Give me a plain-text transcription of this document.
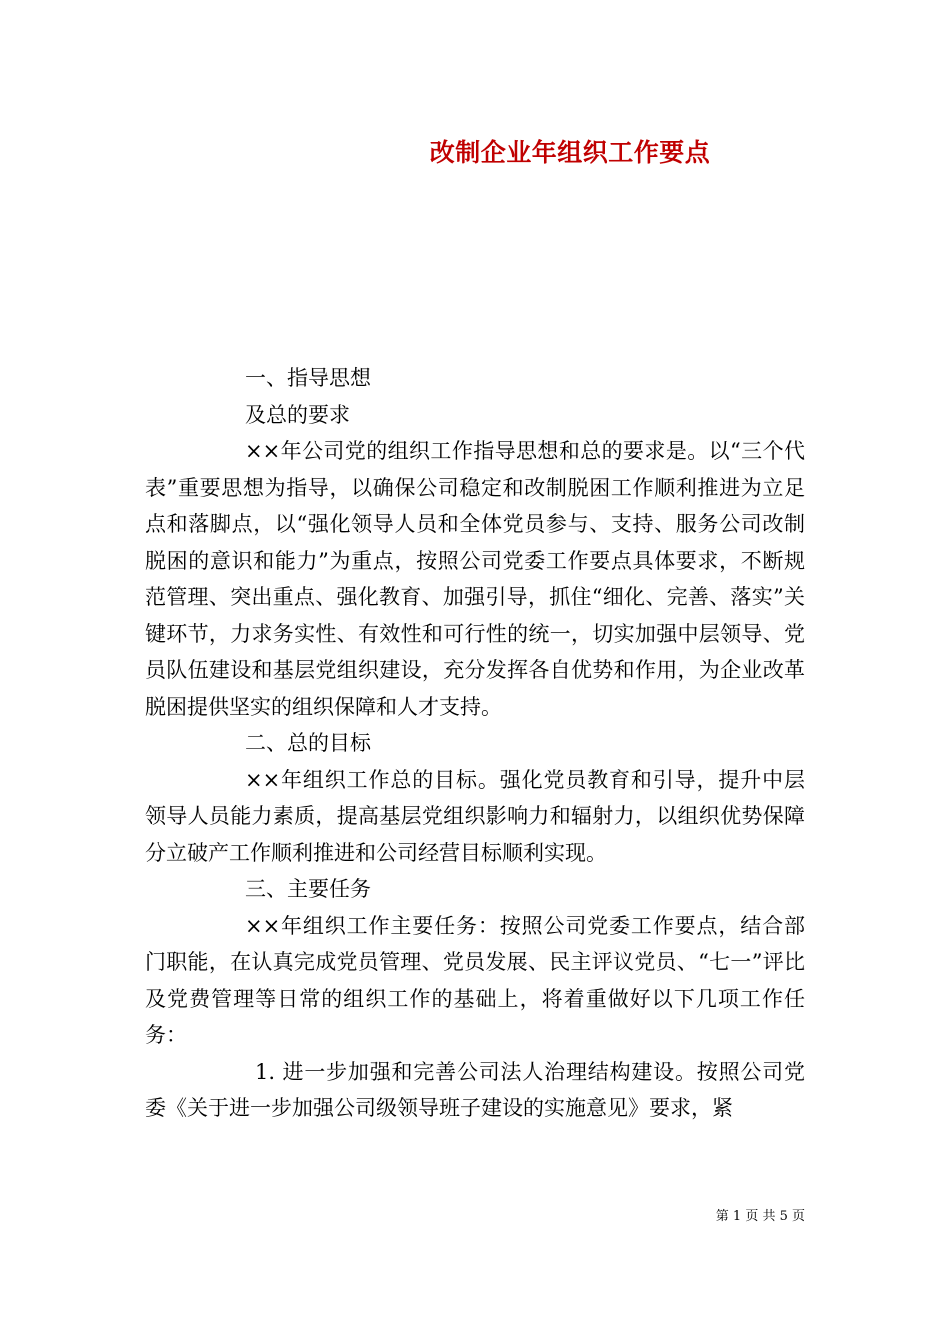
改制企业年组织工作要点

一、指导思想

及总的要求

××年公司党的组织工作指导思想和总的要求是。以“三个代表”重要思想为指导，以确保公司稳定和改制脱困工作顺利推进为立足点和落脚点，以“强化领导人员和全体党员参与、支持、服务公司改制脱困的意识和能力”为重点，按照公司党委工作要点具体要求，不断规范管理、突出重点、强化教育、加强引导，抓住“细化、完善、落实”关键环节，力求务实性、有效性和可行性的统一，切实加强中层领导、党员队伍建设和基层党组织建设，充分发挥各自优势和作用，为企业改革脱困提供坚实的组织保障和人才支持。

二、总的目标

××年组织工作总的目标。强化党员教育和引导，提升中层领导人员能力素质，提高基层党组织影响力和辐射力，以组织优势保障分立破产工作顺利推进和公司经营目标顺利实现。

三、主要任务

××年组织工作主要任务：按照公司党委工作要点，结合部门职能，在认真完成党员管理、党员发展、民主评议党员、“七一”评比及党费管理等日常的组织工作的基础上，将着重做好以下几项工作任务：

1. 进一步加强和完善公司法人治理结构建设。按照公司党委《关于进一步加强公司级领导班子建设的实施意见》要求，紧

第 1 页 共 5 页
